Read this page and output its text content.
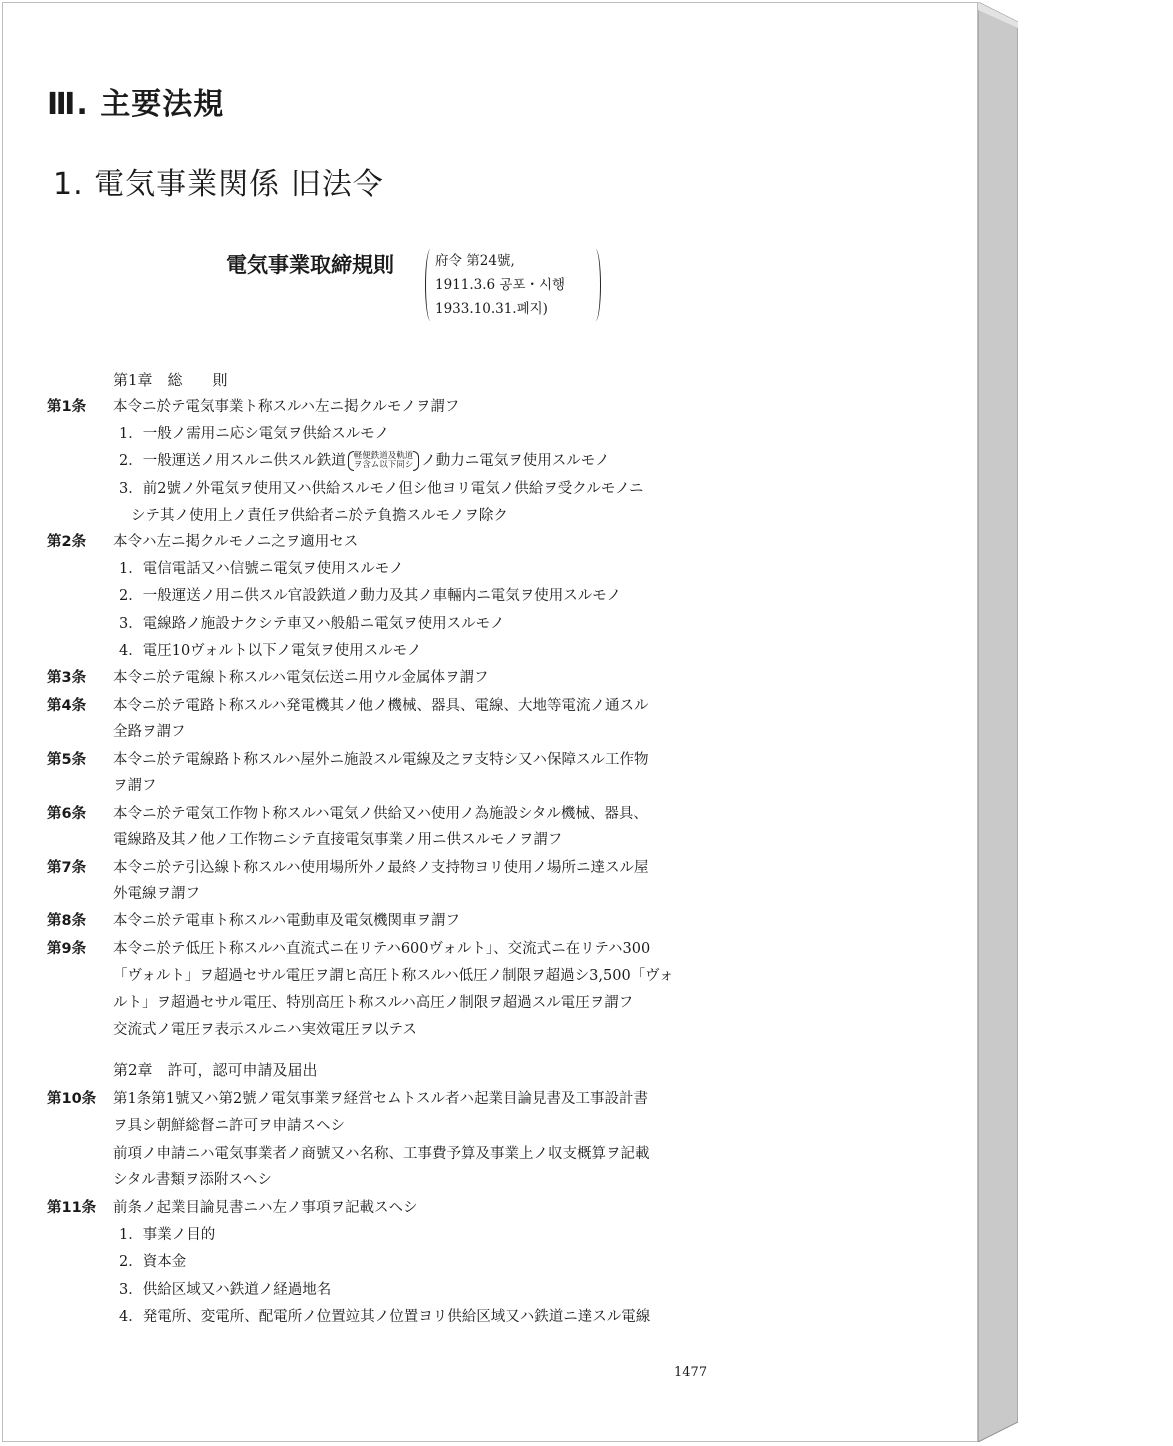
Ⅲ. 主要法規
1. 電気事業関係 旧法令
電気事業取締規則	府令 第24號,
1911.3.6 공포・시행
1933.10.31.폐지)
第1章　総　　則
第1条 本令ニ於テ電気事業ト称スルハ左ニ掲クルモノヲ謂フ
1．一般ノ需用ニ応シ電気ヲ供給スルモノ
2．一般運送ノ用スルニ供スル鉄道 軽便鉄道及軌道
ヲ含ム以下同シ ノ動力ニ電気ヲ使用スルモノ
3．前2號ノ外電気ヲ使用又ハ供給スルモノ但シ他ヨリ電気ノ供給ヲ受クルモノニ
シテ其ノ使用上ノ責任ヲ供給者ニ於テ負擔スルモノヲ除ク
第2条 本令ハ左ニ掲クルモノニ之ヲ適用セス
1．電信電話又ハ信號ニ電気ヲ使用スルモノ
2．一般運送ノ用ニ供スル官設鉄道ノ動力及其ノ車輛内ニ電気ヲ使用スルモノ
3．電線路ノ施設ナクシテ車又ハ般船ニ電気ヲ使用スルモノ
4．電圧10ヴォルト以下ノ電気ヲ使用スルモノ
第3条 本令ニ於テ電線ト称スルハ電気伝送ニ用ウル金属体ヲ謂フ
第4条 本令ニ於テ電路ト称スルハ発電機其ノ他ノ機械、器具、電線、大地等電流ノ通スル
全路ヲ謂フ
第5条 本令ニ於テ電線路ト称スルハ屋外ニ施設スル電線及之ヲ支特シ又ハ保障スル工作物
ヲ謂フ
第6条 本令ニ於テ電気工作物ト称スルハ電気ノ供給又ハ使用ノ為施設シタル機械、器具、
電線路及其ノ他ノ工作物ニシテ直接電気事業ノ用ニ供スルモノヲ謂フ
第7条 本令ニ於テ引込線ト称スルハ使用場所外ノ最終ノ支持物ヨリ使用ノ場所ニ達スル屋
外電線ヲ謂フ
第8条 本令ニ於テ電車ト称スルハ電動車及電気機関車ヲ謂フ
第9条 本令ニ於テ低圧ト称スルハ直流式ニ在リテハ600ヴォルト」、交流式ニ在リテハ300
「ヴォルト」ヲ超過セサル電圧ヲ謂ヒ高圧ト称スルハ低圧ノ制限ヲ超過シ3,500「ヴォ
ルト」ヲ超過セサル電圧、特別高圧ト称スルハ高圧ノ制限ヲ超過スル電圧ヲ謂フ
交流式ノ電圧ヲ表示スルニハ実效電圧ヲ以テス
第2章　許可，認可申請及届出
第10条 第1条第1號又ハ第2號ノ電気事業ヲ経営セムトスル者ハ起業目論見書及工事設計書
ヲ具シ朝鮮総督ニ許可ヲ申請スヘシ
前項ノ申請ニハ電気事業者ノ商號又ハ名称、工事費予算及事業上ノ収支概算ヲ記載
シタル書類ヲ添附スヘシ
第11条 前条ノ起業目論見書ニハ左ノ事項ヲ記載スヘシ
1．事業ノ目的
2．資本金
3．供給区域又ハ鉄道ノ経過地名
4．発電所、変電所、配電所ノ位置竝其ノ位置ヨリ供給区域又ハ鉄道ニ達スル電線
1477
